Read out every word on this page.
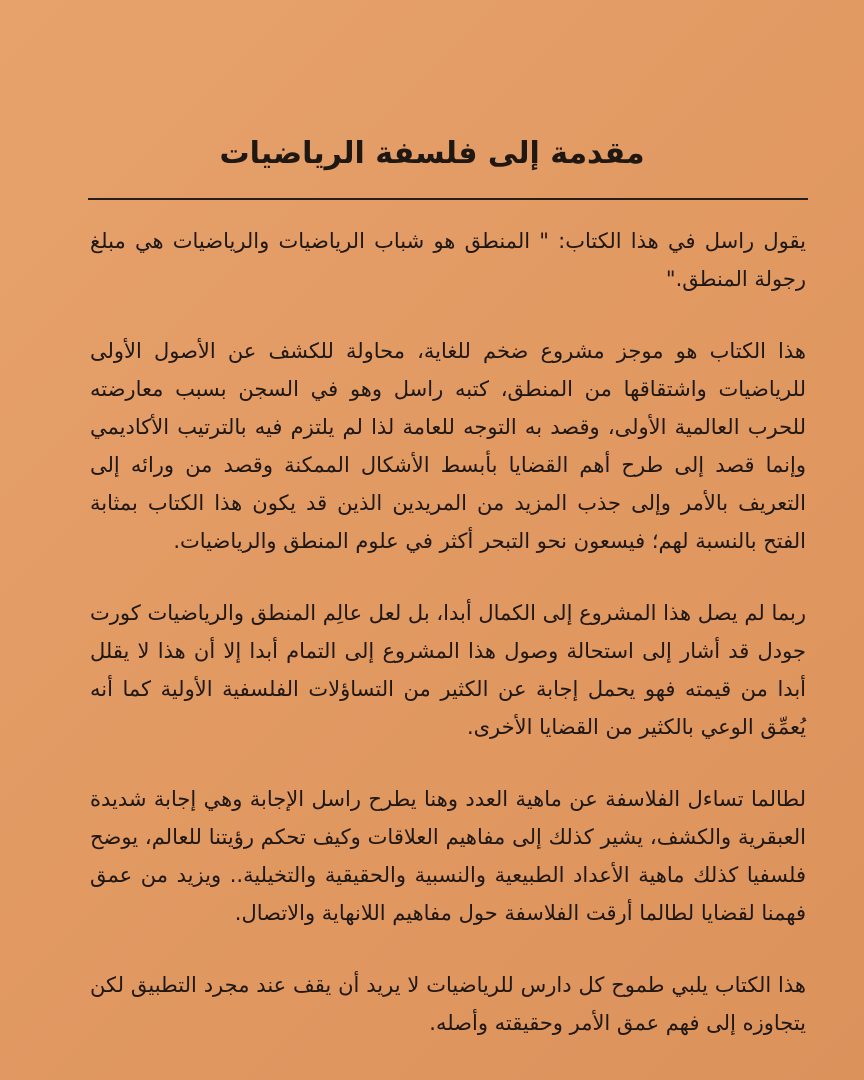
مقدمة إلى فلسفة الرياضيات

يقول راسل في هذا الكتاب: " المنطق هو شباب الرياضيات والرياضيات هي مبلغ رجولة المنطق."

هذا الكتاب هو موجز مشروع ضخم للغاية، محاولة للكشف عن الأصول الأولى للرياضيات واشتقاقها من المنطق، كتبه راسل وهو في السجن بسبب معارضته للحرب العالمية الأولى، وقصد به التوجه للعامة لذا لم يلتزم فيه بالترتيب الأكاديمي وإنما قصد إلى طرح أهم القضايا بأبسط الأشكال الممكنة وقصد من ورائه إلى التعريف بالأمر وإلى جذب المزيد من المريدين الذين قد يكون هذا الكتاب بمثابة الفتح بالنسبة لهم؛ فيسعون نحو التبحر أكثر في علوم المنطق والرياضيات.

ربما لم يصل هذا المشروع إلى الكمال أبدا، بل لعل عالِم المنطق والرياضيات كورت جودل قد أشار إلى استحالة وصول هذا المشروع إلى التمام أبدا إلا أن هذا لا يقلل أبدا من قيمته فهو يحمل إجابة عن الكثير من التساؤلات الفلسفية الأولية كما أنه يُعمِّق الوعي بالكثير من القضايا الأخرى.

لطالما تساءل الفلاسفة عن ماهية العدد وهنا يطرح راسل الإجابة وهي إجابة شديدة العبقرية والكشف، يشير كذلك إلى مفاهيم العلاقات وكيف تحكم رؤيتنا للعالم، يوضح فلسفيا كذلك ماهية الأعداد الطبيعية والنسبية والحقيقية والتخيلية.. ويزيد من عمق فهمنا لقضايا لطالما أرقت الفلاسفة حول مفاهيم اللانهاية والاتصال.

هذا الكتاب يلبي طموح كل دارس للرياضيات لا يريد أن يقف عند مجرد التطبيق لكن يتجاوزه إلى فهم عمق الأمر وحقيقته وأصله.
